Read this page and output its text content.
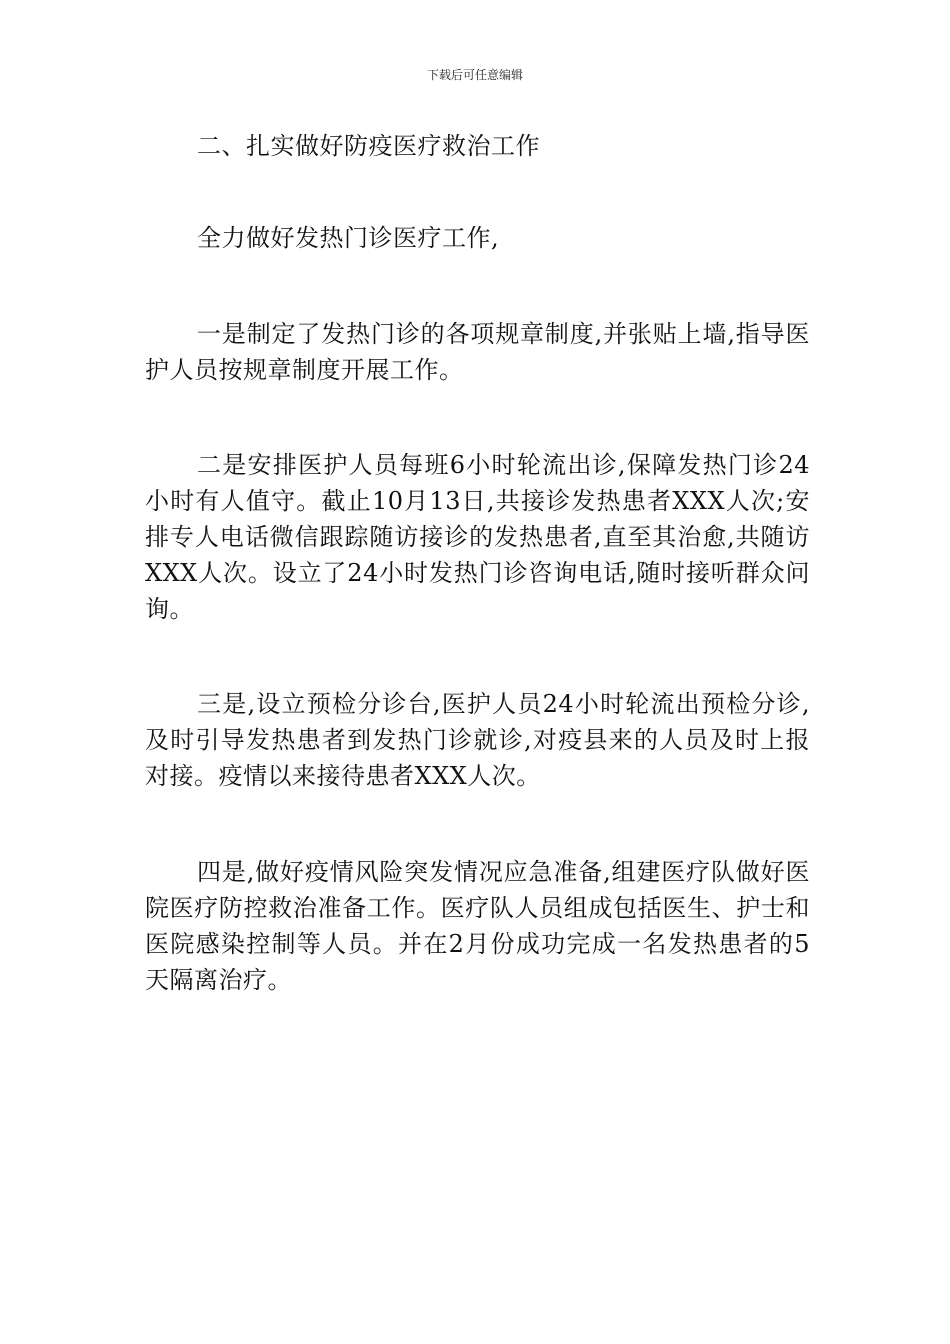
下载后可任意编辑

二、扎实做好防疫医疗救治工作

全力做好发热门诊医疗工作,

一是制定了发热门诊的各项规章制度,并张贴上墙,指导医护人员按规章制度开展工作。

二是安排医护人员每班6小时轮流出诊,保障发热门诊24小时有人值守。截止10月13日,共接诊发热患者XXX人次;安排专人电话微信跟踪随访接诊的发热患者,直至其治愈,共随访XXX人次。设立了24小时发热门诊咨询电话,随时接听群众问询。

三是,设立预检分诊台,医护人员24小时轮流出预检分诊,及时引导发热患者到发热门诊就诊,对疫县来的人员及时上报对接。疫情以来接待患者XXX人次。

四是,做好疫情风险突发情况应急准备,组建医疗队做好医院医疗防控救治准备工作。医疗队人员组成包括医生、护士和医院感染控制等人员。并在2月份成功完成一名发热患者的5天隔离治疗。
